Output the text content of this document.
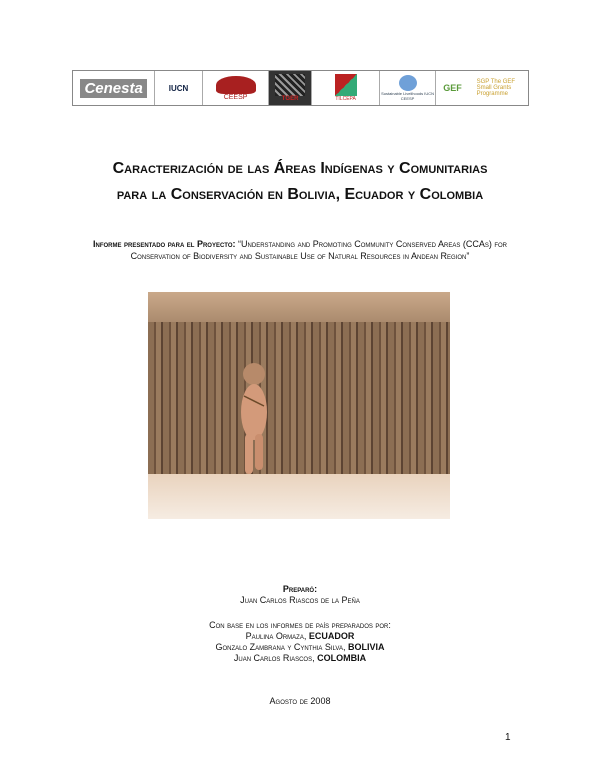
Cenesta	IUCN
CEESP	TGER	TILCEPA
Sustainable Livelihoods IUCN CEESP
GEF
SGP The GEF Small Grants Programme
Caracterización de las Áreas Indígenas y Comunitarias
para la Conservación en Bolivia, Ecuador y Colombia
Informe presentado para el Proyecto: “Understanding and Promoting Community Conserved Areas (CCAs) for Conservation of Biodiversity and Sustainable Use of Natural Resources in Andean Region”
Preparó:
Juan Carlos Riascos de la Peña
Con base en los informes de país preparados por:
Paulina Ormaza, ECUADOR
Gonzalo Zambrana y Cynthia Silva, BOLIVIA
Juan Carlos Riascos, COLOMBIA
Agosto de 2008
1
